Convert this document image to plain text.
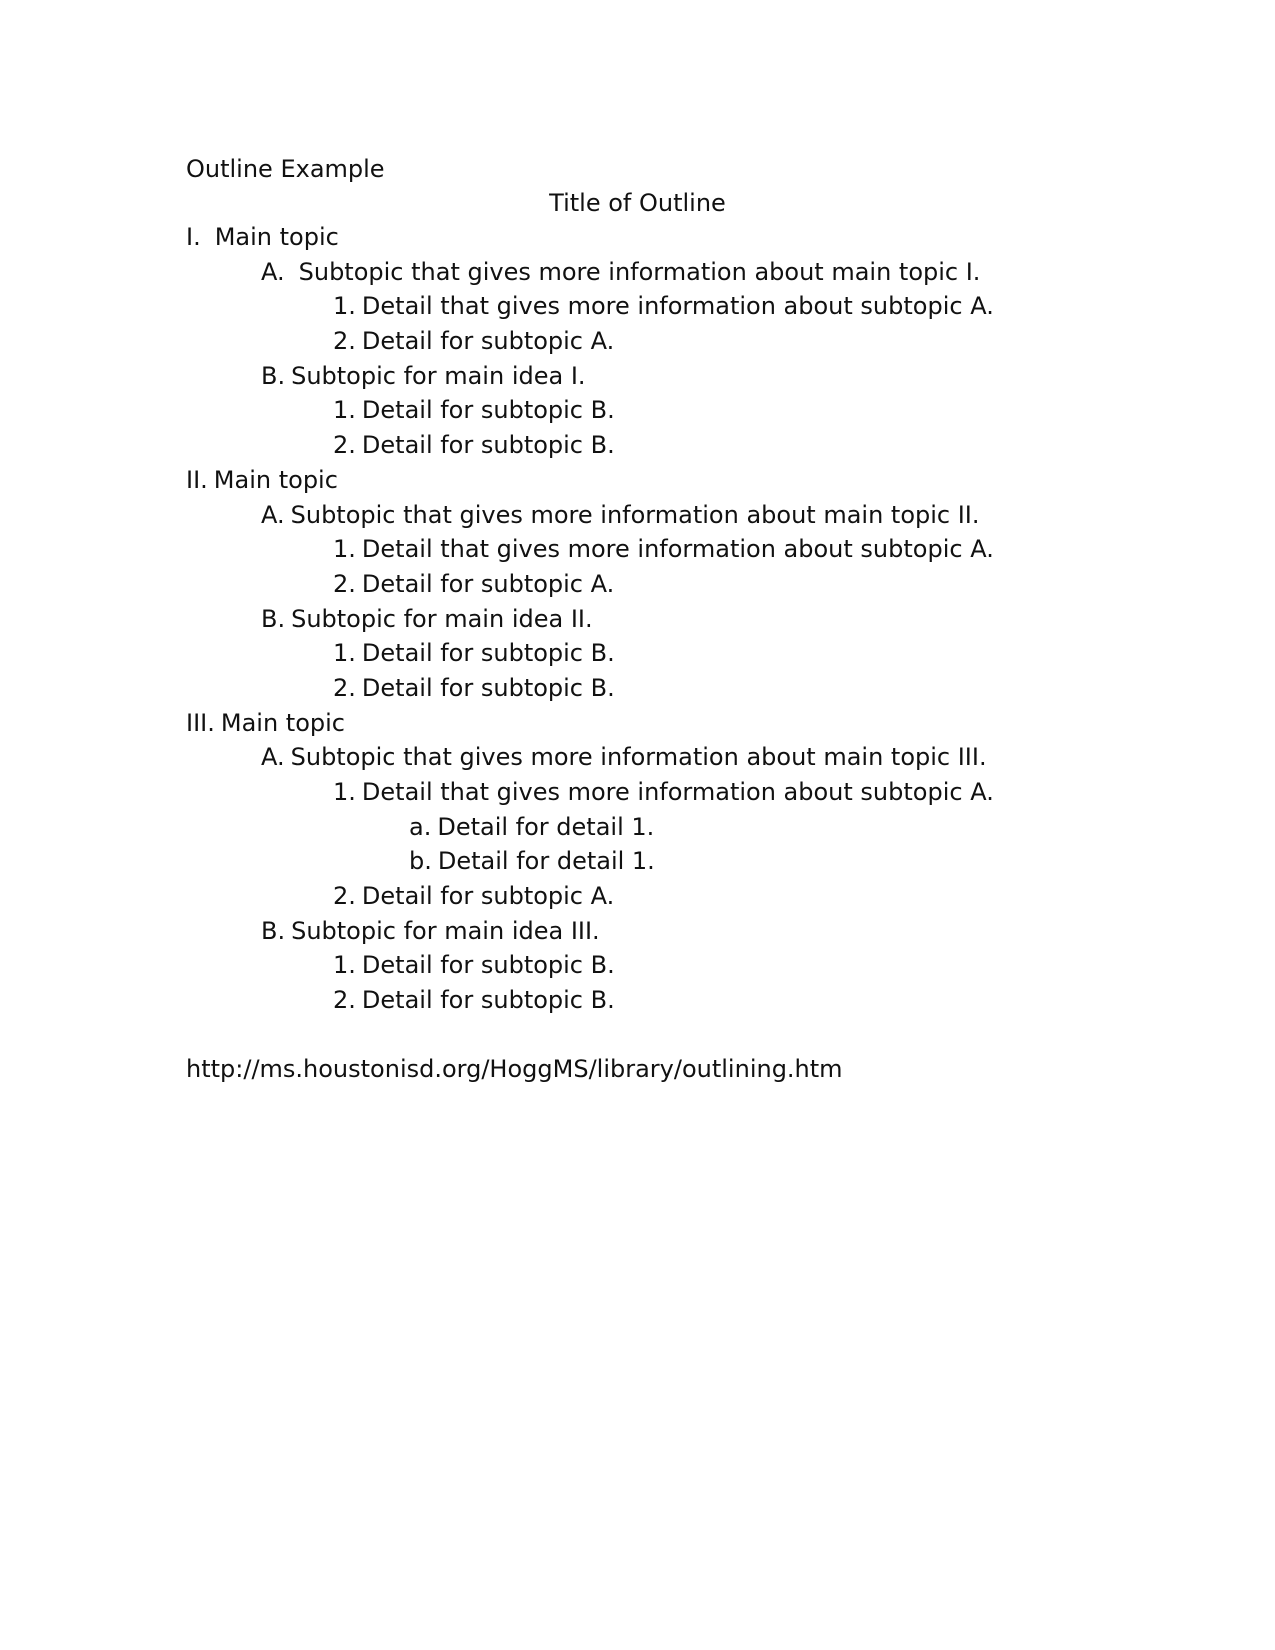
Outline Example
Title of Outline
I. Main topic
A. Subtopic that gives more information about main topic I.
1. Detail that gives more information about subtopic A.
2. Detail for subtopic A.
B. Subtopic for main idea I.
1. Detail for subtopic B.
2. Detail for subtopic B.
II. Main topic
A. Subtopic that gives more information about main topic II.
1. Detail that gives more information about subtopic A.
2. Detail for subtopic A.
B. Subtopic for main idea II.
1. Detail for subtopic B.
2. Detail for subtopic B.
III. Main topic
A. Subtopic that gives more information about main topic III.
1. Detail that gives more information about subtopic A.
a. Detail for detail 1.
b. Detail for detail 1.
2. Detail for subtopic A.
B. Subtopic for main idea III.
1. Detail for subtopic B.
2. Detail for subtopic B.
http://ms.houstonisd.org/HoggMS/library/outlining.htm
